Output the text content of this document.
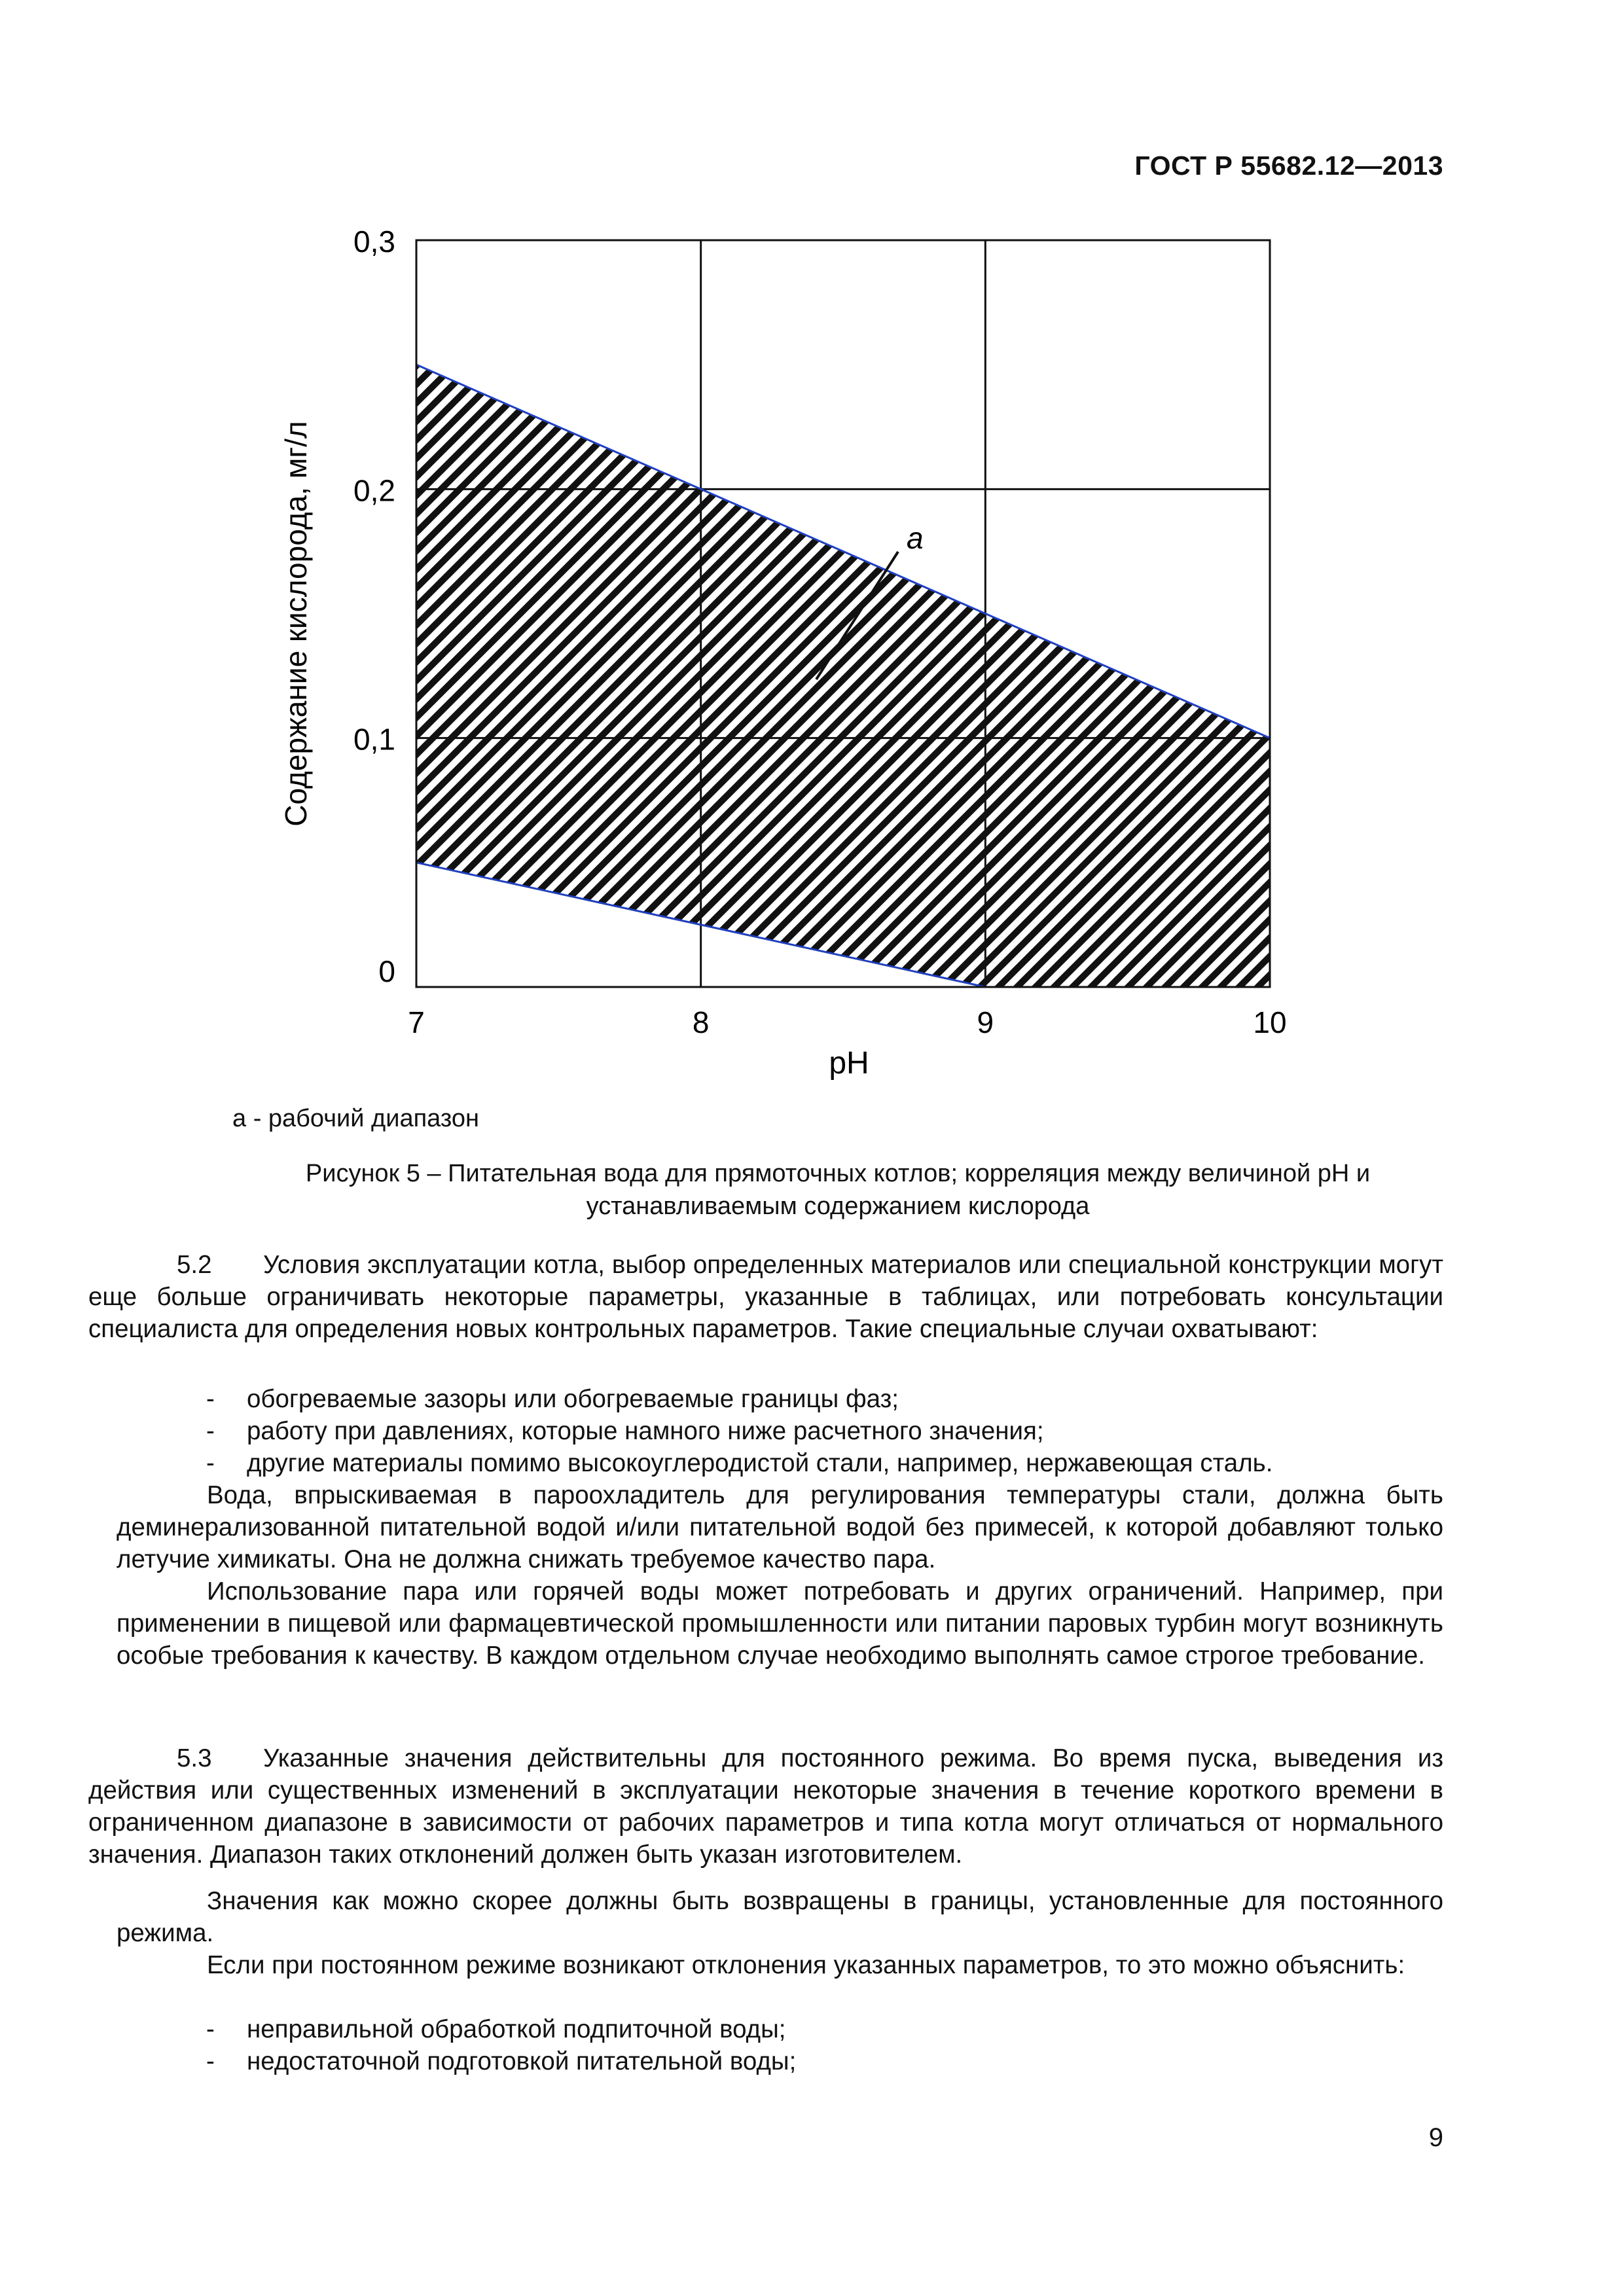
ГОСТ Р 55682.12—2013
7	8	9	10
0
0,1
0,2
0,3
pH
Содержание кислорода, мг/л	а
а - рабочий диапазон
Рисунок 5 – Питательная вода для прямоточных котлов; корреляция между величиной pH и
устанавливаемым содержанием кислорода
5.2 Условия эксплуатации котла, выбор определенных материалов или специальной конструкции могут еще больше ограничивать некоторые параметры, указанные в таблицах, или потребовать консультации специалиста для определения новых контрольных параметров. Такие специальные случаи охватывают:
- обогреваемые зазоры или обогреваемые границы фаз;
- работу при давлениях, которые намного ниже расчетного значения;
- другие материалы помимо высокоуглеродистой стали, например, нержавеющая сталь.
Вода, впрыскиваемая в пароохладитель для регулирования температуры стали, должна быть деминерализованной питательной водой и/или питательной водой без примесей, к которой добавляют только летучие химикаты. Она не должна снижать требуемое качество пара.
Использование пара или горячей воды может потребовать и других ограничений. Например, при применении в пищевой или фармацевтической промышленности или питании паровых турбин могут возникнуть особые требования к качеству. В каждом отдельном случае необходимо выполнять самое строгое требование.
5.3 Указанные значения действительны для постоянного режима. Во время пуска, выведения из действия или существенных изменений в эксплуатации некоторые значения в течение короткого времени в ограниченном диапазоне в зависимости от рабочих параметров и типа котла могут отличаться от нормального значения. Диапазон таких отклонений должен быть указан изготовителем.
Значения как можно скорее должны быть возвращены в границы, установленные для постоянного режима.
Если при постоянном режиме возникают отклонения указанных параметров, то это можно объяснить:
- неправильной обработкой подпиточной воды;
- недостаточной подготовкой питательной воды;
9
